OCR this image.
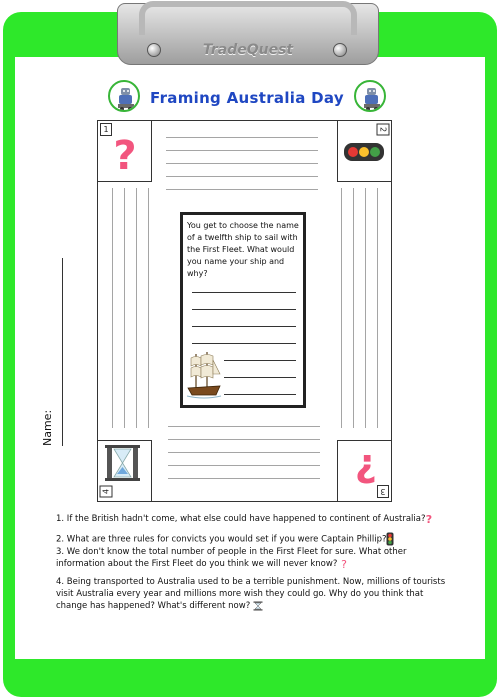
TradeQuest
Framing Australia Day
?
1	2
4
?
3
You get to choose the name of a twelfth ship to sail with the First Fleet. What would you name your ship and why?
Name:
1. If the British hadn't come, what else could have happened to continent of Australia? ?
2. What are three rules for convicts you would set if you were Captain Phillip?
3. We don't know the total number of people in the First Fleet for sure. What other information about the First Fleet do you think we will never know? ?
4. Being transported to Australia used to be a terrible punishment. Now, millions of tourists visit Australia every year and millions more wish they could go. Why do you think that change has happened? What's different now?
